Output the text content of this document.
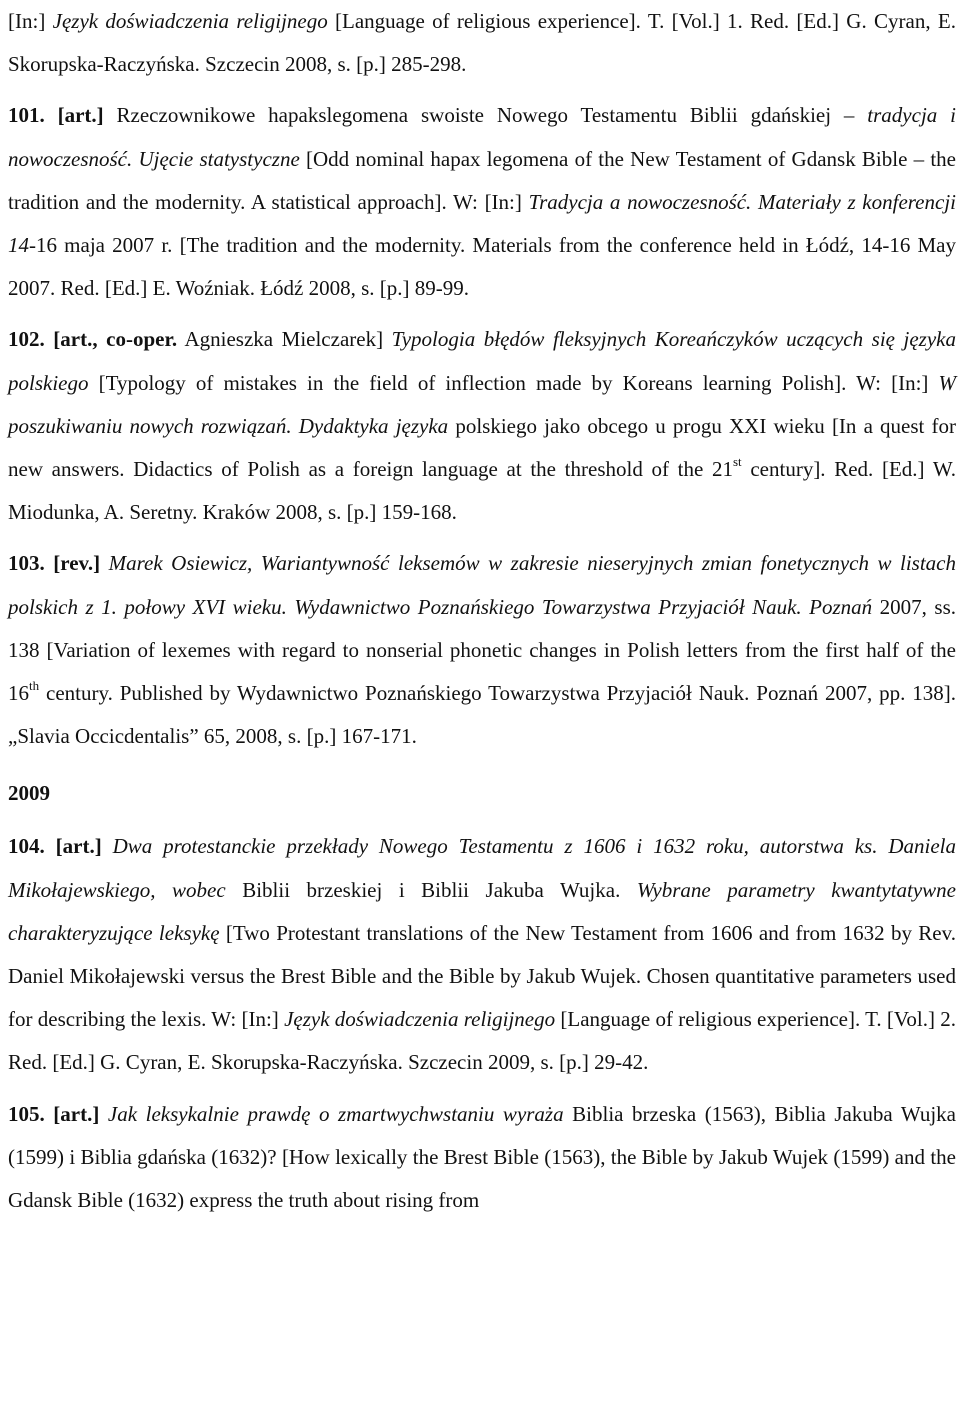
[In:] Język doświadczenia religijnego [Language of religious experience]. T. [Vol.] 1. Red. [Ed.] G. Cyran, E. Skorupska-Raczyńska. Szczecin 2008, s. [p.] 285-298.

101. [art.] Rzeczownikowe hapakslegomena swoiste Nowego Testamentu Biblii gdańskiej – tradycja i nowoczesność. Ujęcie statystyczne [Odd nominal hapax legomena of the New Testament of Gdansk Bible – the tradition and the modernity. A statistical approach]. W: [In:] Tradycja a nowoczesność. Materiały z konferencji 14-16 maja 2007 r. [The tradition and the modernity. Materials from the conference held in Łódź, 14-16 May 2007. Red. [Ed.] E. Woźniak. Łódź 2008, s. [p.] 89-99.

102. [art., co-oper. Agnieszka Mielczarek] Typologia błędów fleksyjnych Koreańczyków uczących się języka polskiego [Typology of mistakes in the field of inflection made by Koreans learning Polish]. W: [In:] W poszukiwaniu nowych rozwiązań. Dydaktyka języka polskiego jako obcego u progu XXI wieku [In a quest for new answers. Didactics of Polish as a foreign language at the threshold of the 21st century]. Red. [Ed.] W. Miodunka, A. Seretny. Kraków 2008, s. [p.] 159-168.

103. [rev.] Marek Osiewicz, Wariantywność leksemów w zakresie nieseryjnych zmian fonetycznych w listach polskich z 1. połowy XVI wieku. Wydawnictwo Poznańskiego Towarzystwa Przyjaciół Nauk. Poznań 2007, ss. 138 [Variation of lexemes with regard to nonserial phonetic changes in Polish letters from the first half of the 16th century. Published by Wydawnictwo Poznańskiego Towarzystwa Przyjaciół Nauk. Poznań 2007, pp. 138]. „Slavia Occicdentalis” 65, 2008, s. [p.] 167-171.

2009

104. [art.] Dwa protestanckie przekłady Nowego Testamentu z 1606 i 1632 roku, autorstwa ks. Daniela Mikołajewskiego, wobec Biblii brzeskiej i Biblii Jakuba Wujka. Wybrane parametry kwantytatywne charakteryzujące leksykę [Two Protestant translations of the New Testament from 1606 and from 1632 by Rev. Daniel Mikołajewski versus the Brest Bible and the Bible by Jakub Wujek. Chosen quantitative parameters used for describing the lexis. W: [In:] Język doświadczenia religijnego [Language of religious experience]. T. [Vol.] 2. Red. [Ed.] G. Cyran, E. Skorupska-Raczyńska. Szczecin 2009, s. [p.] 29-42.

105. [art.] Jak leksykalnie prawdę o zmartwychwstaniu wyraża Biblia brzeska (1563), Biblia Jakuba Wujka (1599) i Biblia gdańska (1632)? [How lexically the Brest Bible (1563), the Bible by Jakub Wujek (1599) and the Gdansk Bible (1632) express the truth about rising from
